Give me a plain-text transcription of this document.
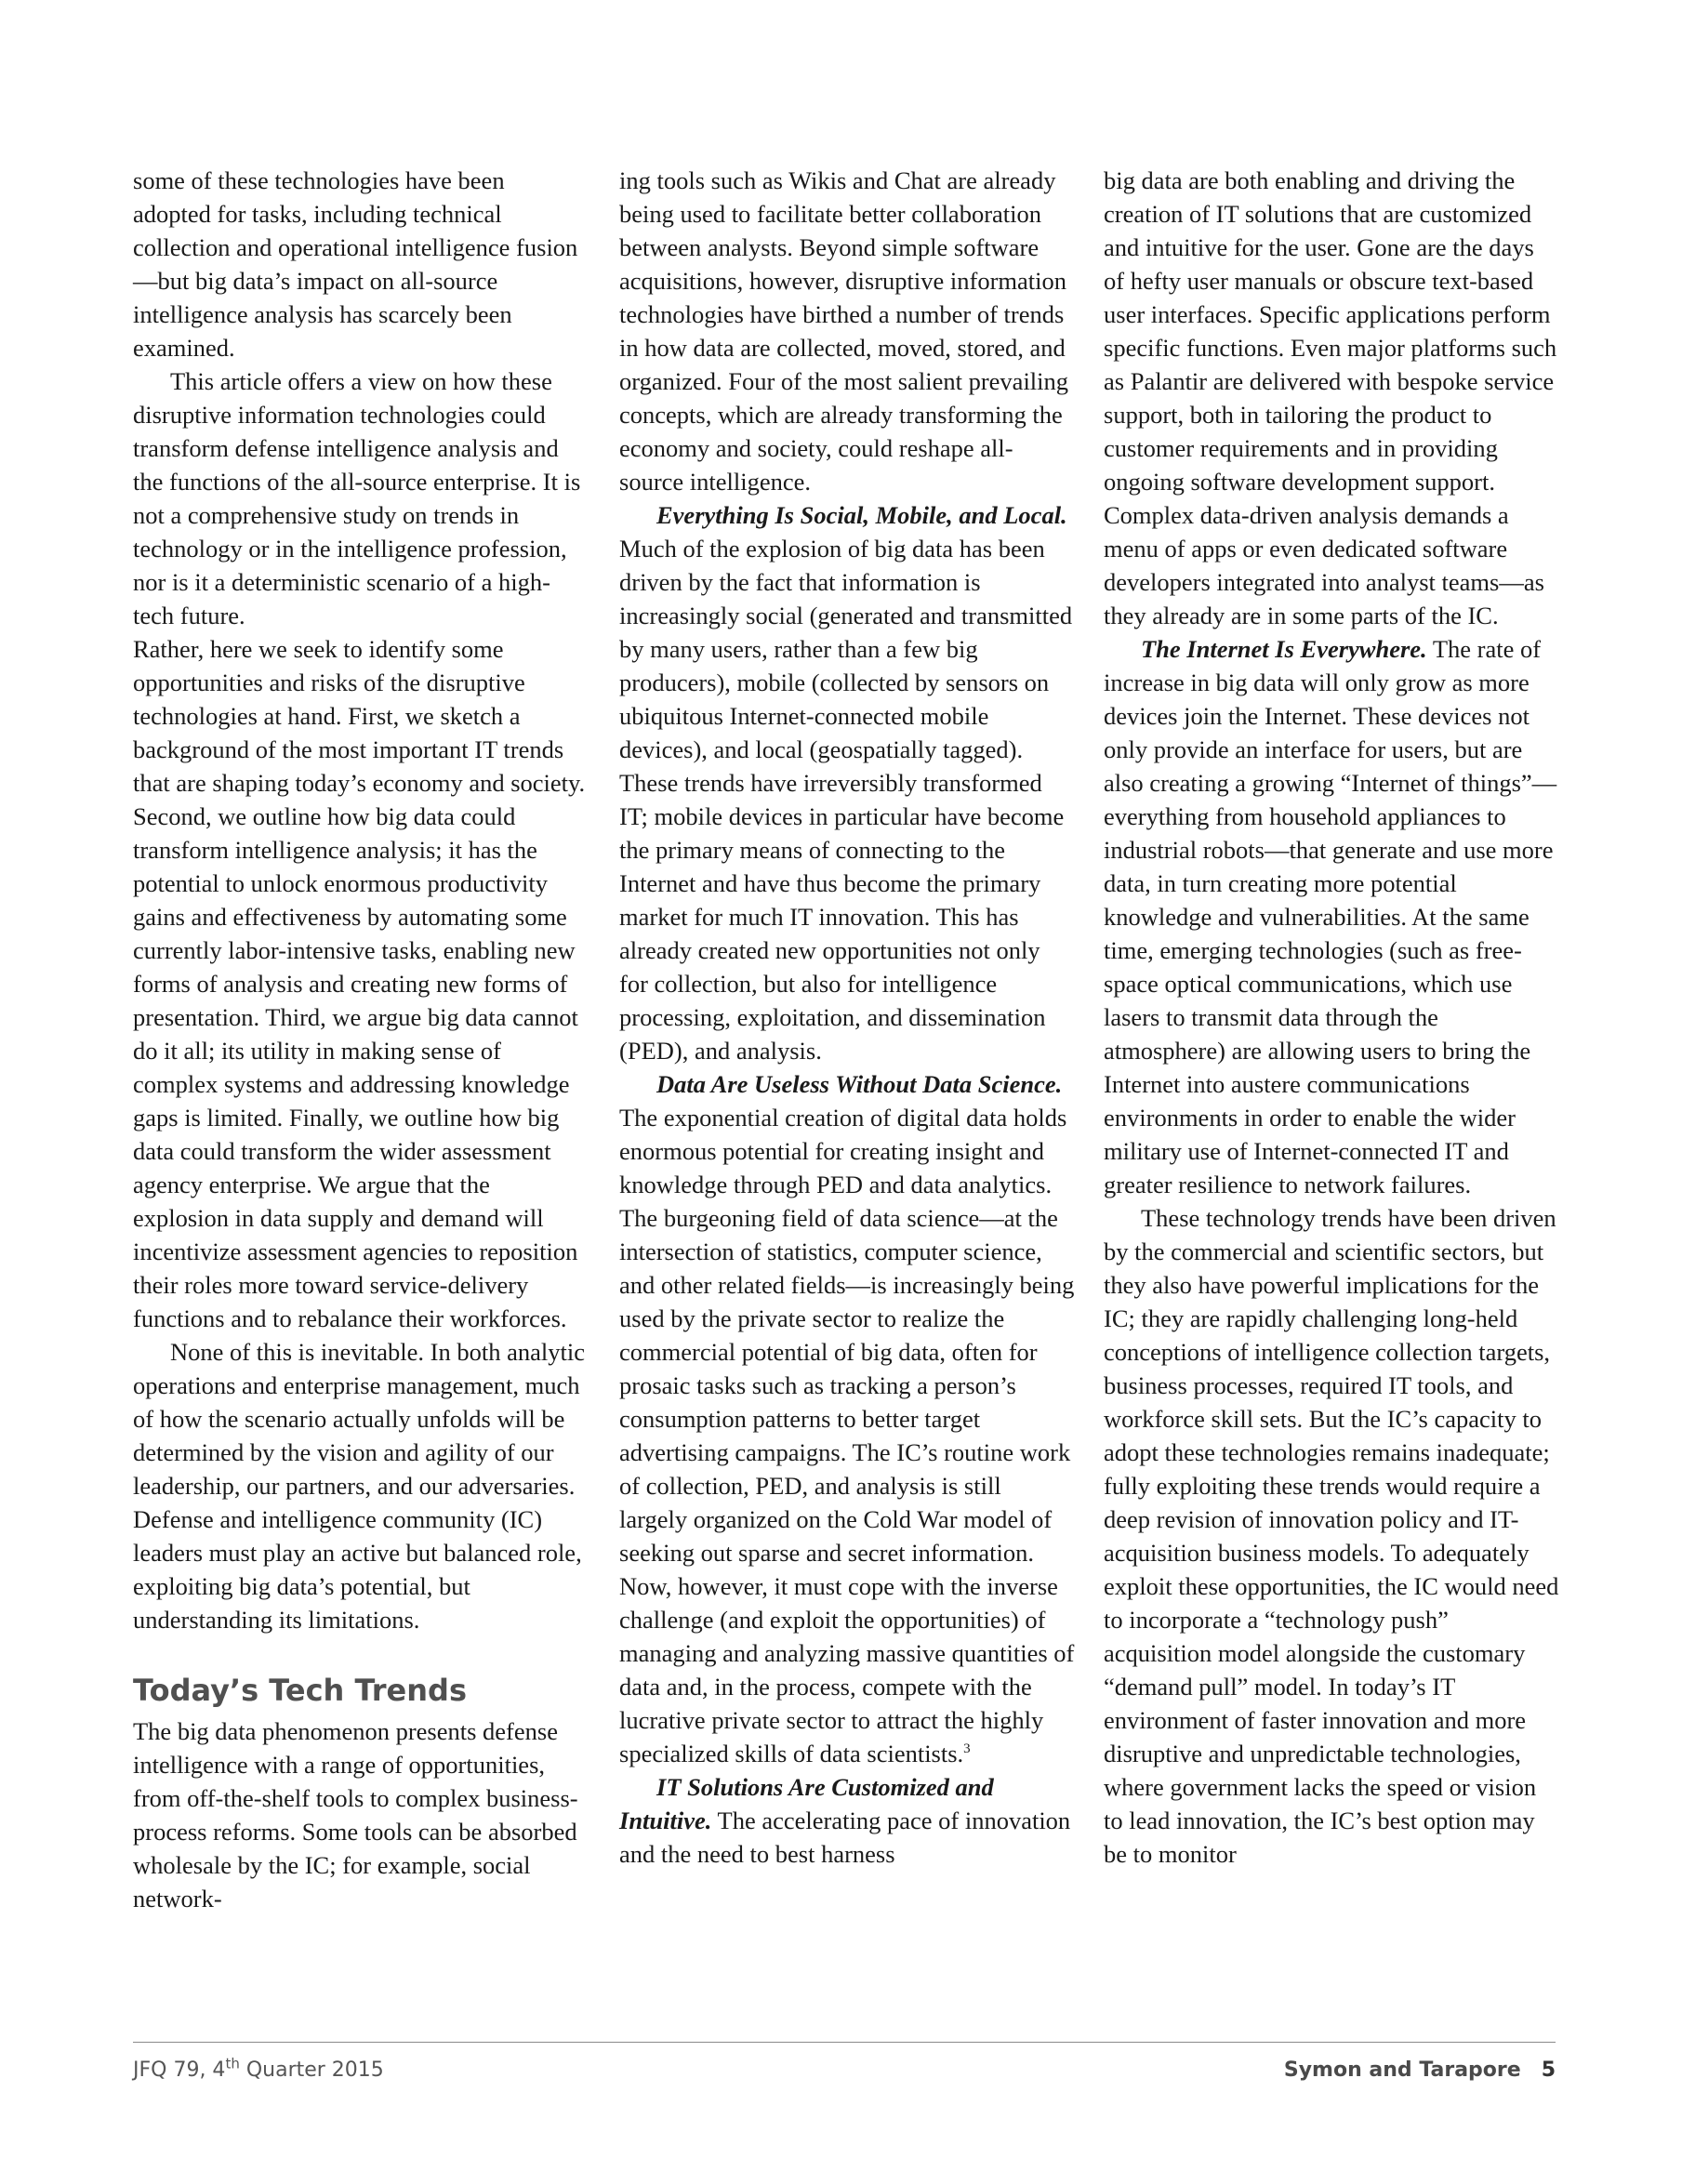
some of these technologies have been adopted for tasks, including technical collection and operational intelligence fusion—but big data’s impact on all-source intelligence analysis has scarcely been examined.

This article offers a view on how these disruptive information technologies could transform defense intelligence analysis and the functions of the all-source enterprise. It is not a comprehensive study on trends in technology or in the intelligence profession, nor is it a deterministic scenario of a high-tech future.

Rather, here we seek to identify some opportunities and risks of the disruptive technologies at hand. First, we sketch a background of the most important IT trends that are shaping today’s economy and society. Second, we outline how big data could transform intelligence analysis; it has the potential to unlock enormous productivity gains and effectiveness by automating some currently labor-intensive tasks, enabling new forms of analysis and creating new forms of presentation. Third, we argue big data cannot do it all; its utility in making sense of complex systems and addressing knowledge gaps is limited. Finally, we outline how big data could transform the wider assessment agency enterprise. We argue that the explosion in data supply and demand will incentivize assessment agencies to reposition their roles more toward service-delivery functions and to rebalance their workforces.

None of this is inevitable. In both analytic operations and enterprise management, much of how the scenario actually unfolds will be determined by the vision and agility of our leadership, our partners, and our adversaries. Defense and intelligence community (IC) leaders must play an active but balanced role, exploiting big data’s potential, but understanding its limitations.

Today’s Tech Trends

The big data phenomenon presents defense intelligence with a range of opportunities, from off-the-shelf tools to complex business-process reforms. Some tools can be absorbed wholesale by the IC; for example, social network-

ing tools such as Wikis and Chat are already being used to facilitate better collaboration between analysts. Beyond simple software acquisitions, however, disruptive information technologies have birthed a number of trends in how data are collected, moved, stored, and organized. Four of the most salient prevailing concepts, which are already transforming the economy and society, could reshape all-source intelligence.

Everything Is Social, Mobile, and Local. Much of the explosion of big data has been driven by the fact that information is increasingly social (generated and transmitted by many users, rather than a few big producers), mobile (collected by sensors on ubiquitous Internet-connected mobile devices), and local (geospatially tagged). These trends have irreversibly transformed IT; mobile devices in particular have become the primary means of connecting to the Internet and have thus become the primary market for much IT innovation. This has already created new opportunities not only for collection, but also for intelligence processing, exploitation, and dissemination (PED), and analysis.

Data Are Useless Without Data Science. The exponential creation of digital data holds enormous potential for creating insight and knowledge through PED and data analytics. The burgeoning field of data science—at the intersection of statistics, computer science, and other related fields—is increasingly being used by the private sector to realize the commercial potential of big data, often for prosaic tasks such as tracking a person’s consumption patterns to better target advertising campaigns. The IC’s routine work of collection, PED, and analysis is still largely organized on the Cold War model of seeking out sparse and secret information. Now, however, it must cope with the inverse challenge (and exploit the opportunities) of managing and analyzing massive quantities of data and, in the process, compete with the lucrative private sector to attract the highly specialized skills of data scientists.$^3$

IT Solutions Are Customized and Intuitive. The accelerating pace of innovation and the need to best harness

big data are both enabling and driving the creation of IT solutions that are customized and intuitive for the user. Gone are the days of hefty user manuals or obscure text-based user interfaces. Specific applications perform specific functions. Even major platforms such as Palantir are delivered with bespoke service support, both in tailoring the product to customer requirements and in providing ongoing software development support. Complex data-driven analysis demands a menu of apps or even dedicated software developers integrated into analyst teams—as they already are in some parts of the IC.

The Internet Is Everywhere. The rate of increase in big data will only grow as more devices join the Internet. These devices not only provide an interface for users, but are also creating a growing “Internet of things”—everything from household appliances to industrial robots—that generate and use more data, in turn creating more potential knowledge and vulnerabilities. At the same time, emerging technologies (such as free-space optical communications, which use lasers to transmit data through the atmosphere) are allowing users to bring the Internet into austere communications environments in order to enable the wider military use of Internet-connected IT and greater resilience to network failures.

These technology trends have been driven by the commercial and scientific sectors, but they also have powerful implications for the IC; they are rapidly challenging long-held conceptions of intelligence collection targets, business processes, required IT tools, and workforce skill sets. But the IC’s capacity to adopt these technologies remains inadequate; fully exploiting these trends would require a deep revision of innovation policy and IT-acquisition business models. To adequately exploit these opportunities, the IC would need to incorporate a “technology push” acquisition model alongside the customary “demand pull” model. In today’s IT environment of faster innovation and more disruptive and unpredictable technologies, where government lacks the speed or vision to lead innovation, the IC’s best option may be to monitor

JFQ 79, 4th Quarter 2015	Symon and Tarapore 5
